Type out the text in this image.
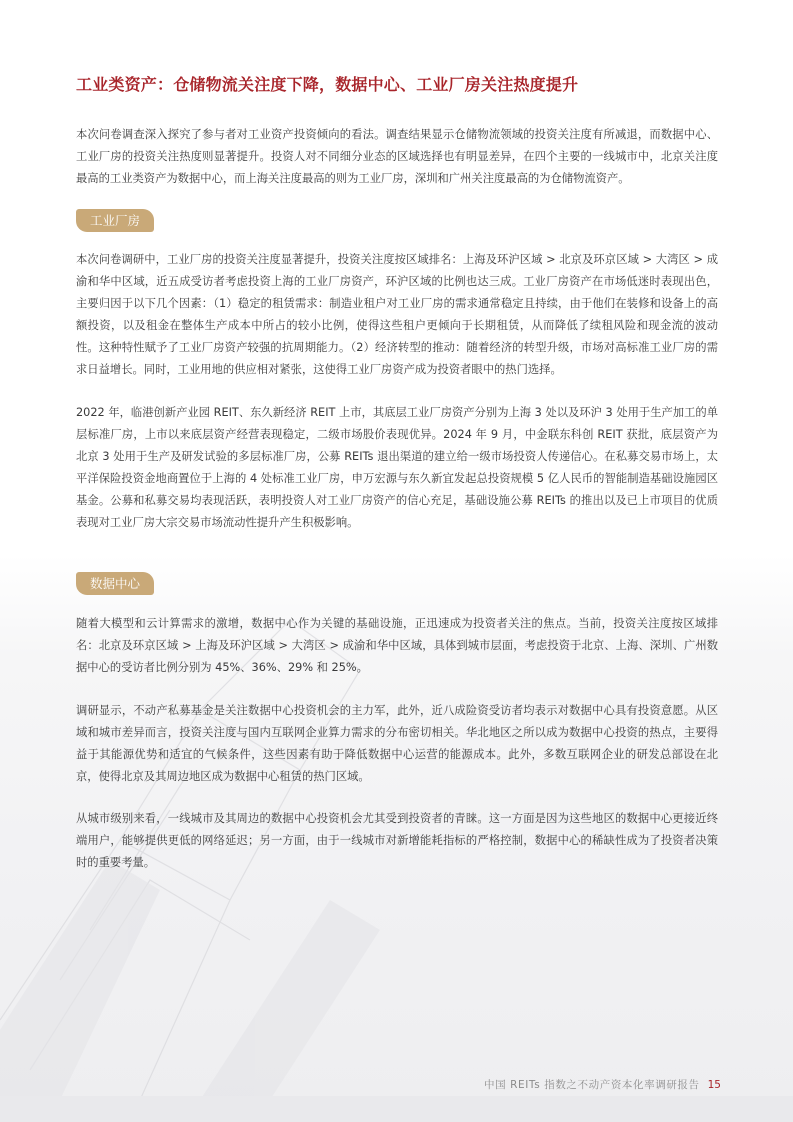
工业类资产：仓储物流关注度下降，数据中心、工业厂房关注热度提升

本次问卷调查深入探究了参与者对工业资产投资倾向的看法。调查结果显示仓储物流领域的投资关注度有所减退，而数据中心、工业厂房的投资关注热度则显著提升。投资人对不同细分业态的区域选择也有明显差异，在四个主要的一线城市中，北京关注度最高的工业类资产为数据中心，而上海关注度最高的则为工业厂房，深圳和广州关注度最高的为仓储物流资产。

工业厂房

本次问卷调研中，工业厂房的投资关注度显著提升，投资关注度按区域排名：上海及环沪区域 > 北京及环京区域 > 大湾区 > 成渝和华中区域，近五成受访者考虑投资上海的工业厂房资产，环沪区域的比例也达三成。工业厂房资产在市场低迷时表现出色，主要归因于以下几个因素：（1）稳定的租赁需求：制造业租户对工业厂房的需求通常稳定且持续，由于他们在装修和设备上的高额投资，以及租金在整体生产成本中所占的较小比例，使得这些租户更倾向于长期租赁，从而降低了续租风险和现金流的波动性。这种特性赋予了工业厂房资产较强的抗周期能力。（2）经济转型的推动：随着经济的转型升级，市场对高标准工业厂房的需求日益增长。同时，工业用地的供应相对紧张，这使得工业厂房资产成为投资者眼中的热门选择。

2022 年，临港创新产业园 REIT、东久新经济 REIT 上市，其底层工业厂房资产分别为上海 3 处以及环沪 3 处用于生产加工的单层标准厂房，上市以来底层资产经营表现稳定，二级市场股价表现优异。2024 年 9 月，中金联东科创 REIT 获批，底层资产为北京 3 处用于生产及研发试验的多层标准厂房，公募 REITs 退出渠道的建立给一级市场投资人传递信心。在私募交易市场上，太平洋保险投资金地商置位于上海的 4 处标准工业厂房，申万宏源与东久新宜发起总投资规模 5 亿人民币的智能制造基础设施园区基金。公募和私募交易均表现活跃，表明投资人对工业厂房资产的信心充足，基础设施公募 REITs 的推出以及已上市项目的优质表现对工业厂房大宗交易市场流动性提升产生积极影响。

数据中心

随着大模型和云计算需求的激增，数据中心作为关键的基础设施，正迅速成为投资者关注的焦点。当前，投资关注度按区域排名：北京及环京区域 > 上海及环沪区域 > 大湾区 > 成渝和华中区域，具体到城市层面，考虑投资于北京、上海、深圳、广州数据中心的受访者比例分别为 45%、36%、29% 和 25%。

调研显示，不动产私募基金是关注数据中心投资机会的主力军，此外，近八成险资受访者均表示对数据中心具有投资意愿。从区域和城市差异而言，投资关注度与国内互联网企业算力需求的分布密切相关。华北地区之所以成为数据中心投资的热点，主要得益于其能源优势和适宜的气候条件，这些因素有助于降低数据中心运营的能源成本。此外，多数互联网企业的研发总部设在北京，使得北京及其周边地区成为数据中心租赁的热门区域。

从城市级别来看，一线城市及其周边的数据中心投资机会尤其受到投资者的青睐。这一方面是因为这些地区的数据中心更接近终端用户，能够提供更低的网络延迟；另一方面，由于一线城市对新增能耗指标的严格控制，数据中心的稀缺性成为了投资者决策时的重要考量。

中国 REITs 指数之不动产资本化率调研报告 15
